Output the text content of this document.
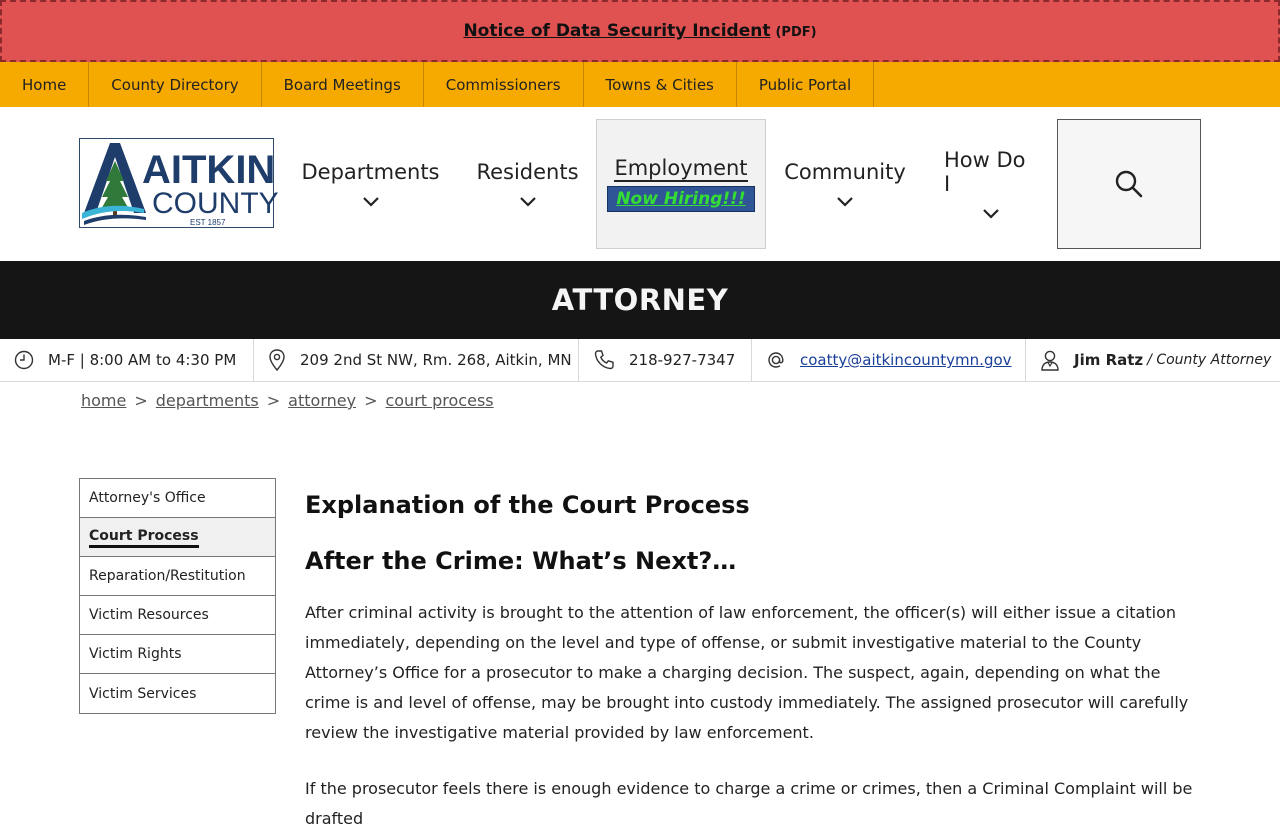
Notice of Data Security Incident (PDF)
Home	County Directory	Board Meetings	Commissioners	Towns & Cities	Public Portal
AITKIN
COUNTY
EST 1857
Departments Residents Employment
Now Hiring!!!
Community How Do I
ATTORNEY
M-F | 8:00 AM to 4:30 PM	209 2nd St NW, Rm. 268, Aitkin, MN	218-927-7347	coatty@aitkincountymn.gov	Jim Ratz / County Attorney
home > departments > attorney > court process
Attorney's Office
Court Process
Reparation/Restitution
Victim Resources
Victim Rights
Victim Services
Explanation of the Court Process
After the Crime: What’s Next?…

After criminal activity is brought to the attention of law enforcement, the officer(s) will either issue a citation immediately, depending on the level and type of offense, or submit investigative material to the County Attorney’s Office for a prosecutor to make a charging decision. The suspect, again, depending on what the crime is and level of offense, may be brought into custody immediately. The assigned prosecutor will carefully review the investigative material provided by law enforcement.

If the prosecutor feels there is enough evidence to charge a crime or crimes, then a Criminal Complaint will be drafted
